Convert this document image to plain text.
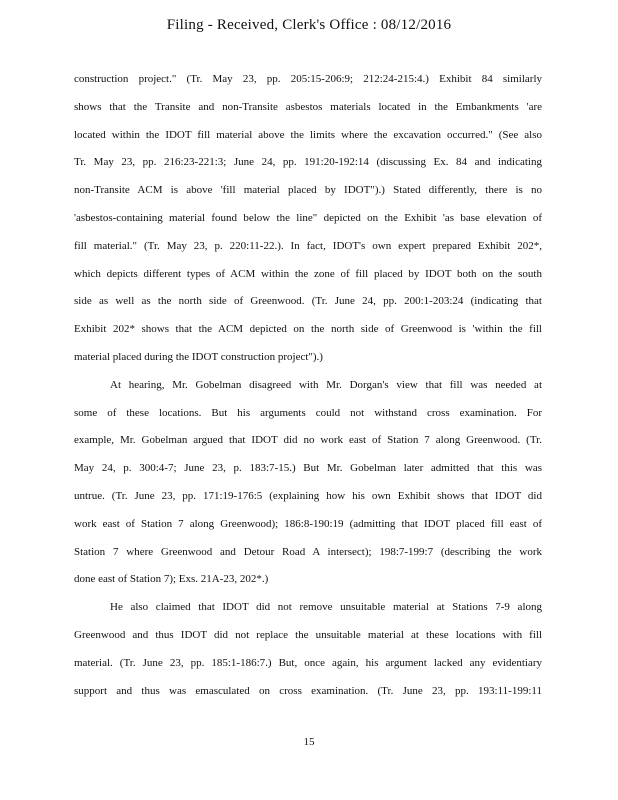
Filing - Received, Clerk's Office : 08/12/2016
construction project." (Tr. May 23, pp. 205:15-206:9; 212:24-215:4.) Exhibit 84 similarly
shows that the Transite and non-Transite asbestos materials located in the Embankments 'are
located within the IDOT fill material above the limits where the excavation occurred." (See also
Tr. May 23, pp. 216:23-221:3; June 24, pp. 191:20-192:14 (discussing Ex. 84 and indicating
non-Transite ACM is above 'fill material placed by IDOT").) Stated differently, there is no
'asbestos-containing material found below the line" depicted on the Exhibit 'as base elevation of
fill material." (Tr. May 23, p. 220:11-22.). In fact, IDOT's own expert prepared Exhibit 202*,
which depicts different types of ACM within the zone of fill placed by IDOT both on the south
side as well as the north side of Greenwood. (Tr. June 24, pp. 200:1-203:24 (indicating that
Exhibit 202* shows that the ACM depicted on the north side of Greenwood is 'within the fill
material placed during the IDOT construction project").)
At hearing, Mr. Gobelman disagreed with Mr. Dorgan's view that fill was needed at
some of these locations. But his arguments could not withstand cross examination. For
example, Mr. Gobelman argued that IDOT did no work east of Station 7 along Greenwood. (Tr.
May 24, p. 300:4-7; June 23, p. 183:7-15.) But Mr. Gobelman later admitted that this was
untrue. (Tr. June 23, pp. 171:19-176:5 (explaining how his own Exhibit shows that IDOT did
work east of Station 7 along Greenwood); 186:8-190:19 (admitting that IDOT placed fill east of
Station 7 where Greenwood and Detour Road A intersect); 198:7-199:7 (describing the work
done east of Station 7); Exs. 21A-23, 202*.)
He also claimed that IDOT did not remove unsuitable material at Stations 7-9 along
Greenwood and thus IDOT did not replace the unsuitable material at these locations with fill
material. (Tr. June 23, pp. 185:1-186:7.) But, once again, his argument lacked any evidentiary
support and thus was emasculated on cross examination. (Tr. June 23, pp. 193:11-199:11
15
